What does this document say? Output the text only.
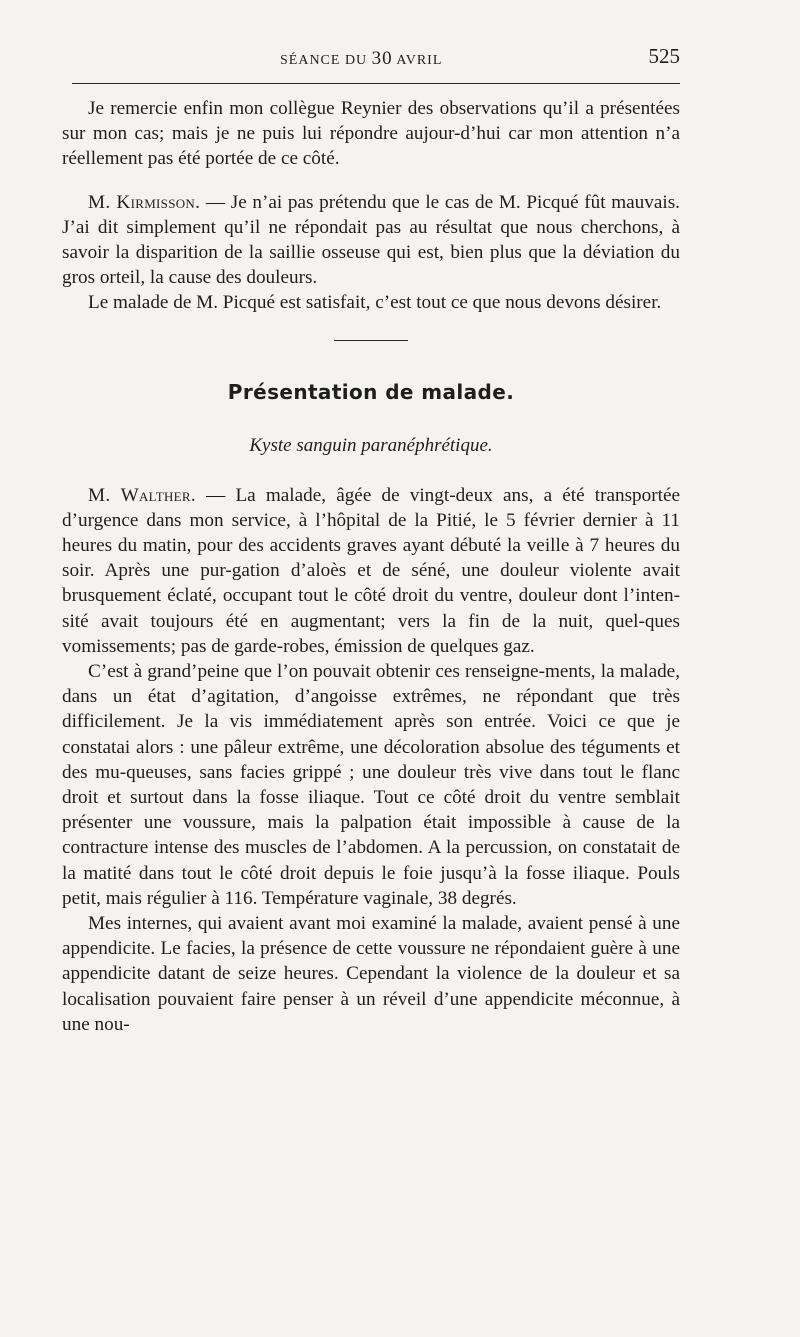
SÉANCE DU 30 AVRIL	525

Je remercie enfin mon collègue Reynier des observations qu’il a présentées sur mon cas; mais je ne puis lui répondre aujour-d’hui car mon attention n’a réellement pas été portée de ce côté.

M. Kirmisson. — Je n’ai pas prétendu que le cas de M. Picqué fût mauvais. J’ai dit simplement qu’il ne répondait pas au résultat que nous cherchons, à savoir la disparition de la saillie osseuse qui est, bien plus que la déviation du gros orteil, la cause des douleurs.

Le malade de M. Picqué est satisfait, c’est tout ce que nous devons désirer.

Présentation de malade.
Kyste sanguin paranéphrétique.

M. Walther. — La malade, âgée de vingt-deux ans, a été transportée d’urgence dans mon service, à l’hôpital de la Pitié, le 5 février dernier à 11 heures du matin, pour des accidents graves ayant débuté la veille à 7 heures du soir. Après une pur-gation d’aloès et de séné, une douleur violente avait brusquement éclaté, occupant tout le côté droit du ventre, douleur dont l’inten-sité avait toujours été en augmentant; vers la fin de la nuit, quel-ques vomissements; pas de garde-robes, émission de quelques gaz.

C’est à grand’peine que l’on pouvait obtenir ces renseigne-ments, la malade, dans un état d’agitation, d’angoisse extrêmes, ne répondant que très difficilement. Je la vis immédiatement après son entrée. Voici ce que je constatai alors : une pâleur extrême, une décoloration absolue des téguments et des mu-queuses, sans facies grippé ; une douleur très vive dans tout le flanc droit et surtout dans la fosse iliaque. Tout ce côté droit du ventre semblait présenter une voussure, mais la palpation était impossible à cause de la contracture intense des muscles de l’abdomen. A la percussion, on constatait de la matité dans tout le côté droit depuis le foie jusqu’à la fosse iliaque. Pouls petit, mais régulier à 116. Température vaginale, 38 degrés.

Mes internes, qui avaient avant moi examiné la malade, avaient pensé à une appendicite. Le facies, la présence de cette voussure ne répondaient guère à une appendicite datant de seize heures. Cependant la violence de la douleur et sa localisation pouvaient faire penser à un réveil d’une appendicite méconnue, à une nou-
